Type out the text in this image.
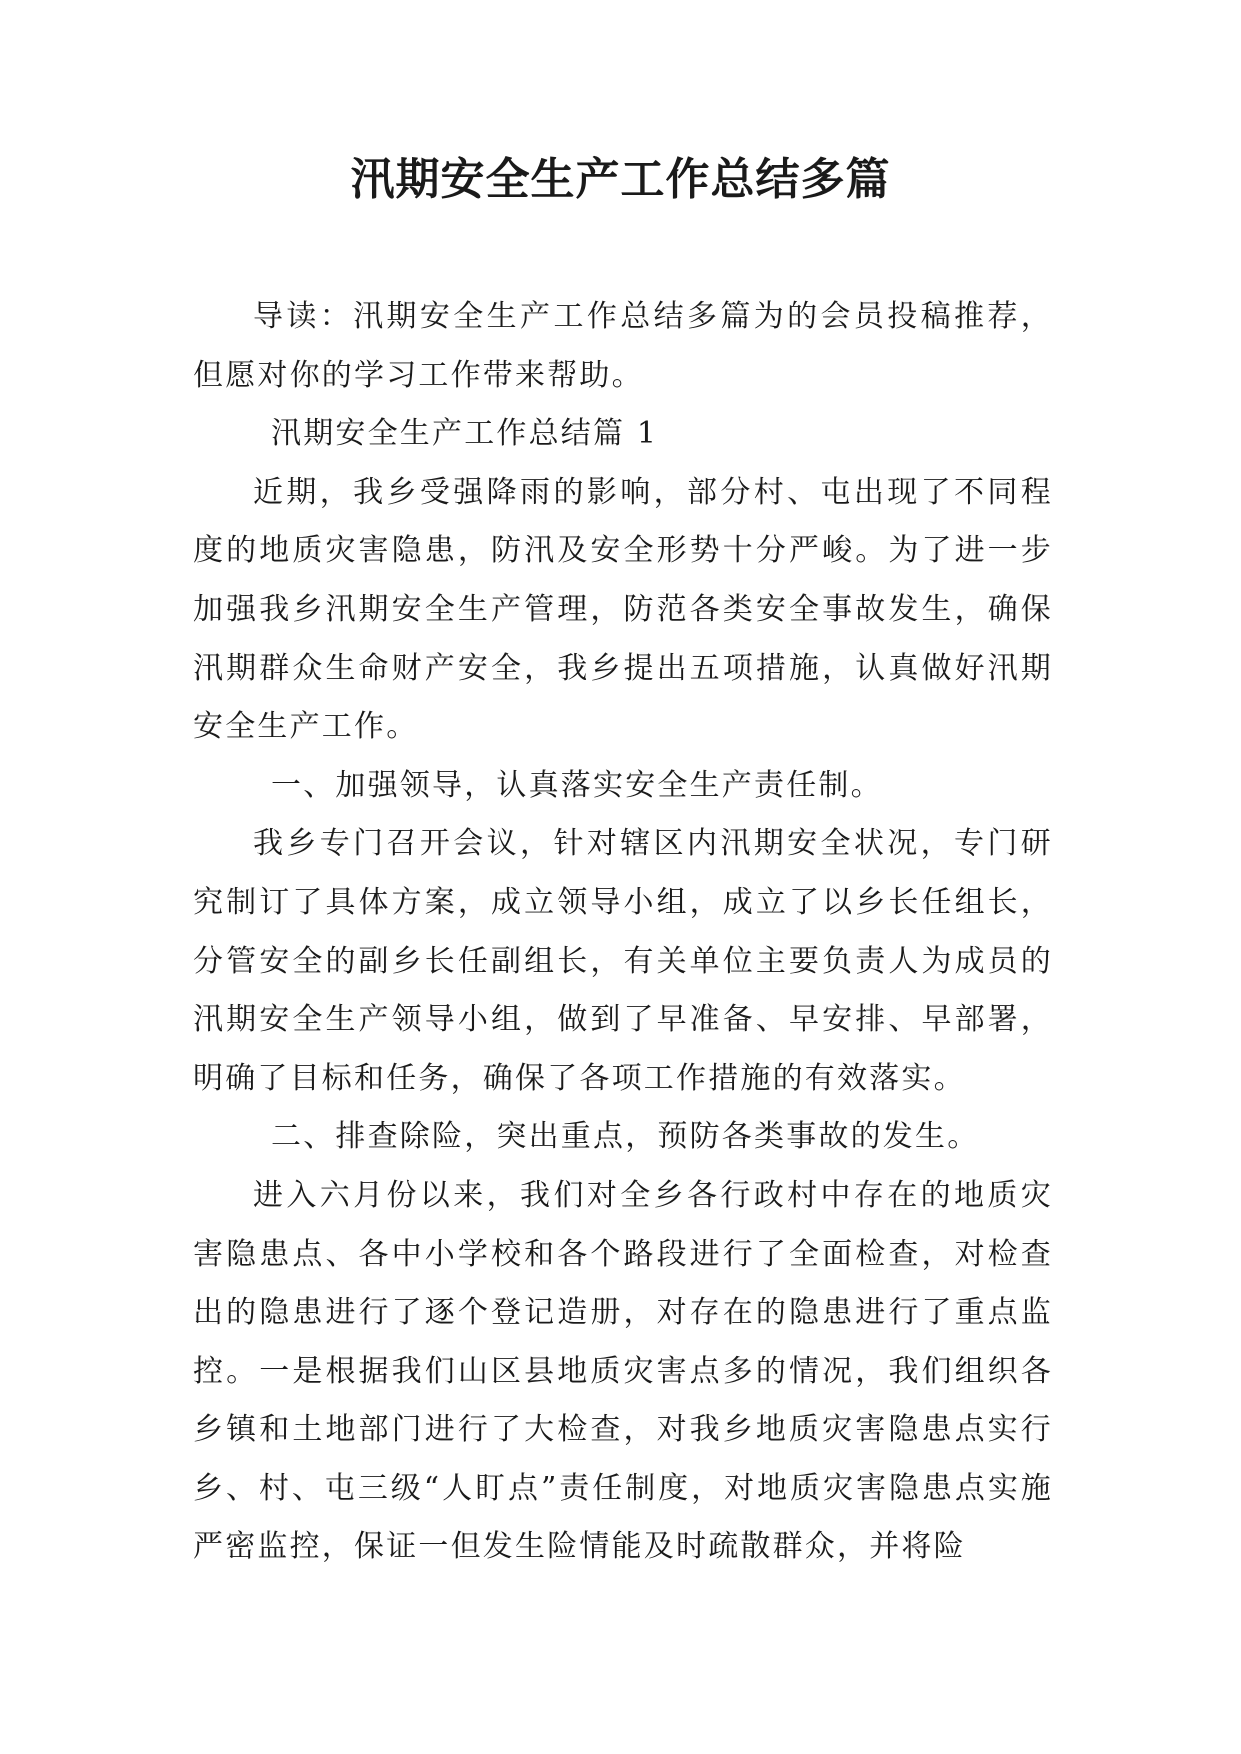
汛期安全生产工作总结多篇

导读：汛期安全生产工作总结多篇为的会员投稿推荐，但愿对你的学习工作带来帮助。

汛期安全生产工作总结篇 1

近期，我乡受强降雨的影响，部分村、屯出现了不同程度的地质灾害隐患，防汛及安全形势十分严峻。为了进一步加强我乡汛期安全生产管理，防范各类安全事故发生，确保汛期群众生命财产安全，我乡提出五项措施，认真做好汛期安全生产工作。

一、加强领导，认真落实安全生产责任制。

我乡专门召开会议，针对辖区内汛期安全状况，专门研究制订了具体方案，成立领导小组，成立了以乡长任组长，分管安全的副乡长任副组长，有关单位主要负责人为成员的汛期安全生产领导小组，做到了早准备、早安排、早部署，明确了目标和任务，确保了各项工作措施的有效落实。

二、排查除险，突出重点，预防各类事故的发生。

进入六月份以来，我们对全乡各行政村中存在的地质灾害隐患点、各中小学校和各个路段进行了全面检查，对检查出的隐患进行了逐个登记造册，对存在的隐患进行了重点监控。一是根据我们山区县地质灾害点多的情况，我们组织各乡镇和土地部门进行了大检查，对我乡地质灾害隐患点实行乡、村、屯三级“人盯点”责任制度，对地质灾害隐患点实施严密监控，保证一但发生险情能及时疏散群众，并将险
